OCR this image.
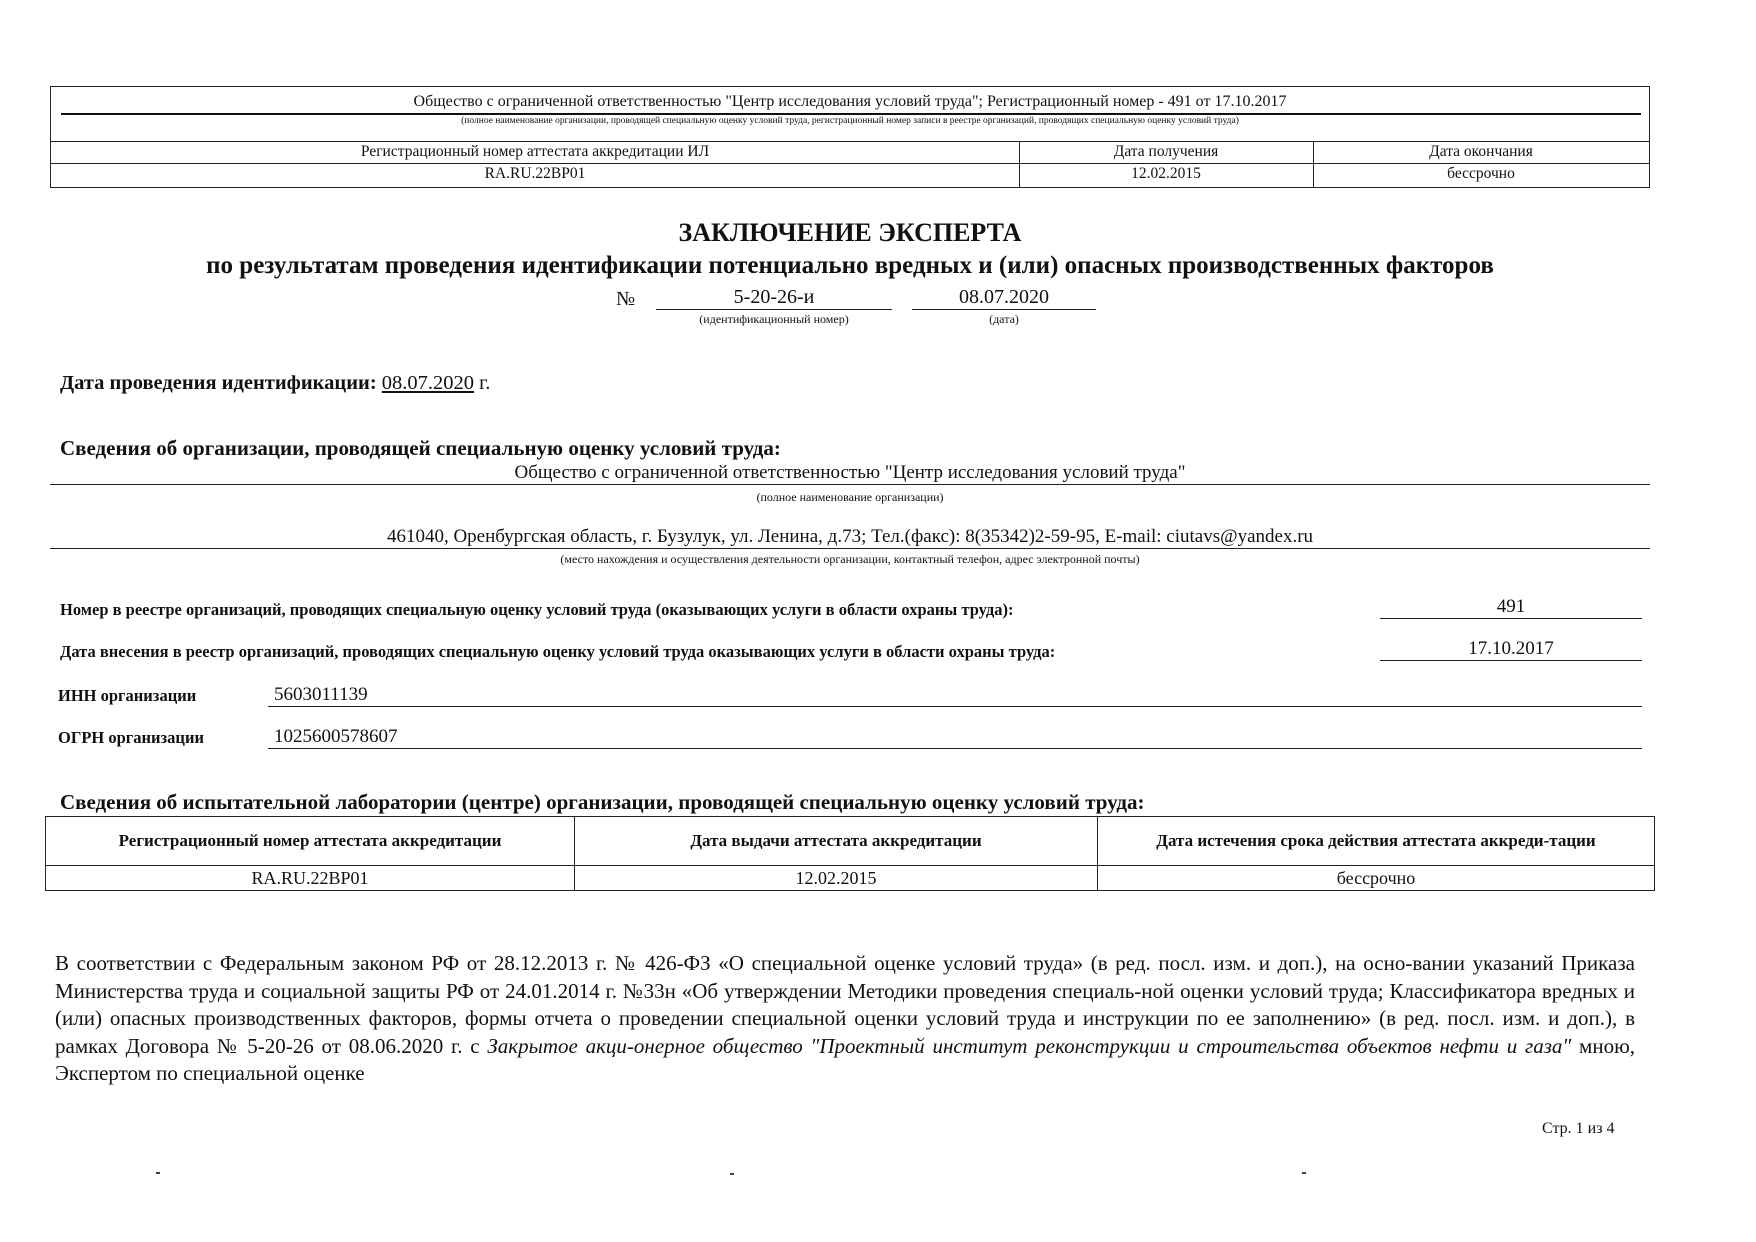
Общество с ограниченной ответственностью "Центр исследования условий труда"; Регистрационный номер - 491 от 17.10.2017
(полное наименование организации, проводящей специальную оценку условий труда, регистрационный номер записи в реестре организаций, проводящих специальную оценку условий труда)
Регистрационный номер аттестата аккредитации ИЛ	Дата получения	Дата окончания
RA.RU.22BP01	12.02.2015	бессрочно
ЗАКЛЮЧЕНИЕ ЭКСПЕРТА
по результатам проведения идентификации потенциально вредных и (или) опасных производственных факторов
№	5-20-26-и
(идентификационный номер)
08.07.2020
(дата)
Дата проведения идентификации: 08.07.2020 г.
Сведения об организации, проводящей специальную оценку условий труда:
Общество с ограниченной ответственностью "Центр исследования условий труда"
(полное наименование организации)
461040, Оренбургская область, г. Бузулук, ул. Ленина, д.73; Тел.(факс): 8(35342)2-59-95, E-mail: ciutavs@yandex.ru
(место нахождения и осуществления деятельности организации, контактный телефон, адрес электронной почты)
Номер в реестре организаций, проводящих специальную оценку условий труда (оказывающих услуги в области охраны труда):	491
Дата внесения в реестр организаций, проводящих специальную оценку условий труда оказывающих услуги в области охраны труда:	17.10.2017
ИНН организации	5603011139
ОГРН организации	1025600578607
Сведения об испытательной лаборатории (центре) организации, проводящей специальную оценку условий труда:
Регистрационный номер аттестата аккредитации	Дата выдачи аттестата аккредитации	Дата истечения срока действия аттестата аккреди-тации
RA.RU.22BP01	12.02.2015	бессрочно
В соответствии с Федеральным законом РФ от 28.12.2013 г. № 426-ФЗ «О специальной оценке условий труда» (в ред. посл. изм. и доп.), на осно-вании указаний Приказа Министерства труда и социальной защиты РФ от 24.01.2014 г. №33н «Об утверждении Методики проведения специаль-ной оценки условий труда; Классификатора вредных и (или) опасных производственных факторов, формы отчета о проведении специальной оценки условий труда и инструкции по ее заполнению» (в ред. посл. изм. и доп.), в рамках Договора № 5-20-26 от 08.06.2020 г. с Закрытое акци-онерное общество "Проектный институт реконструкции и строительства объектов нефти и газа" мною, Экспертом по специальной оценке
Стр. 1 из 4
